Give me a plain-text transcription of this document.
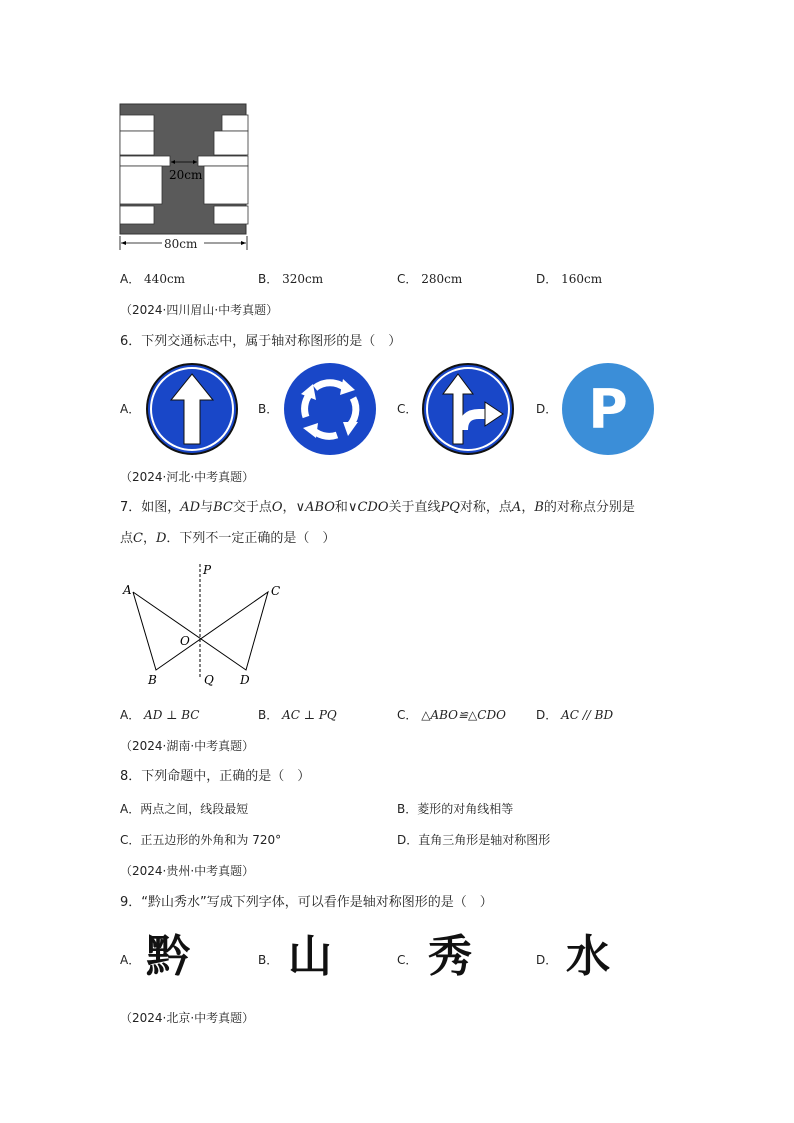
20cm
80cm
A． 440cm	B． 320cm	C． 280cm	D． 160cm
（2024·四川眉山·中考真题）
6．下列交通标志中，属于轴对称图形的是（　）
A．	B．	C．	D． P
（2024·河北·中考真题）
7．如图，AD与BC交于点O，∨ABO和∨CDO关于直线PQ对称，点A，B的对称点分别是
点C，D．下列不一定正确的是（　）
A
B
C
D
O
P
Q
A． AD ⊥ BC	B． AC ⊥ PQ	C． △ABO≌△CDO	D． AC // BD
（2024·湖南·中考真题）
8．下列命题中，正确的是（　）
A．两点之间，线段最短	B．菱形的对角线相等
C．正五边形的外角和为 720°	D．直角三角形是轴对称图形
（2024·贵州·中考真题）
9．“黔山秀水”写成下列字体，可以看作是轴对称图形的是（　）
A． 黔	B． 山	C． 秀	D． 水
（2024·北京·中考真题）
